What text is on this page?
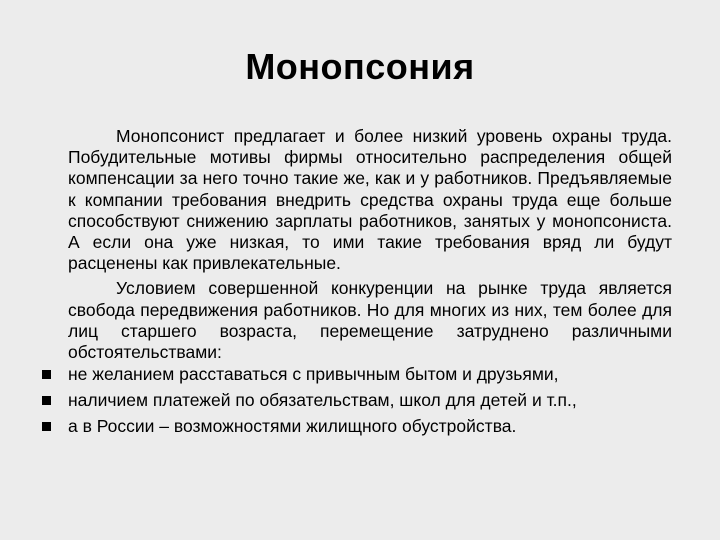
Монопсония

Монопсонист предлагает и более низкий уровень охраны труда. Побудительные мотивы фирмы относительно распределения общей компенсации за него точно такие же, как и у работников. Предъявляемые к компании требования внедрить средства охраны труда еще больше способствуют снижению зарплаты работников, занятых у монопсониста. А если она уже низкая, то ими такие требования вряд ли будут расценены как привлекательные.

Условием совершенной конкуренции на рынке труда является свобода передвижения работников. Но для многих из них, тем более для лиц старшего возраста, перемещение затруднено различными обстоятельствами:

не желанием расставаться с привычным бытом и друзьями,
наличием платежей по обязательствам, школ для детей и т.п.,
а в России – возможностями жилищного обустройства.
